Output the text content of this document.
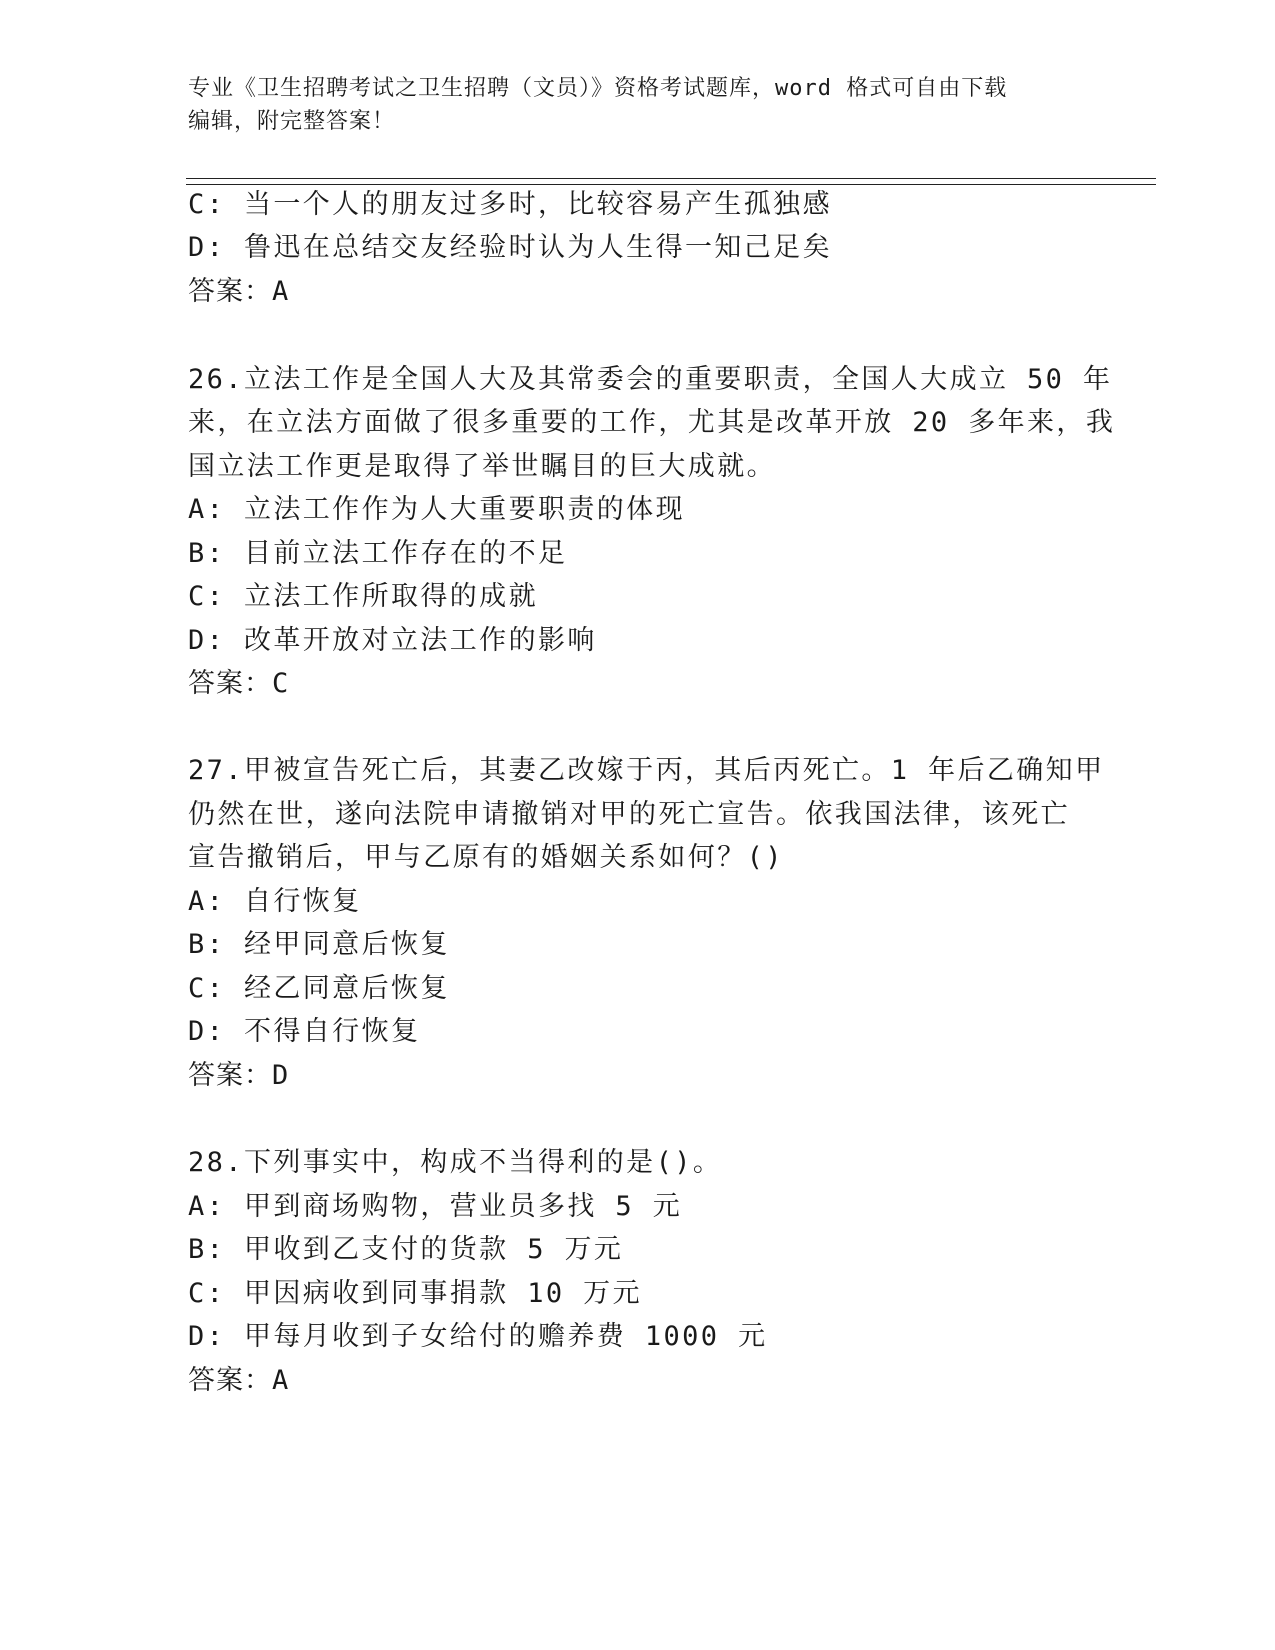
专业《卫生招聘考试之卫生招聘（文员）》资格考试题库，word 格式可自由下载
编辑，附完整答案！
C: 当一个人的朋友过多时，比较容易产生孤独感
D: 鲁迅在总结交友经验时认为人生得一知己足矣
答案：A
26.立法工作是全国人大及其常委会的重要职责，全国人大成立 50 年
来，在立法方面做了很多重要的工作，尤其是改革开放 20 多年来，我
国立法工作更是取得了举世瞩目的巨大成就。
A: 立法工作作为人大重要职责的体现
B: 目前立法工作存在的不足
C: 立法工作所取得的成就
D: 改革开放对立法工作的影响
答案：C
27.甲被宣告死亡后，其妻乙改嫁于丙，其后丙死亡。1 年后乙确知甲
仍然在世，遂向法院申请撤销对甲的死亡宣告。依我国法律，该死亡
宣告撤销后，甲与乙原有的婚姻关系如何？()
A: 自行恢复
B: 经甲同意后恢复
C: 经乙同意后恢复
D: 不得自行恢复
答案：D
28.下列事实中，构成不当得利的是()。
A: 甲到商场购物，营业员多找 5 元
B: 甲收到乙支付的货款 5 万元
C: 甲因病收到同事捐款 10 万元
D: 甲每月收到子女给付的赡养费 1000 元
答案：A
